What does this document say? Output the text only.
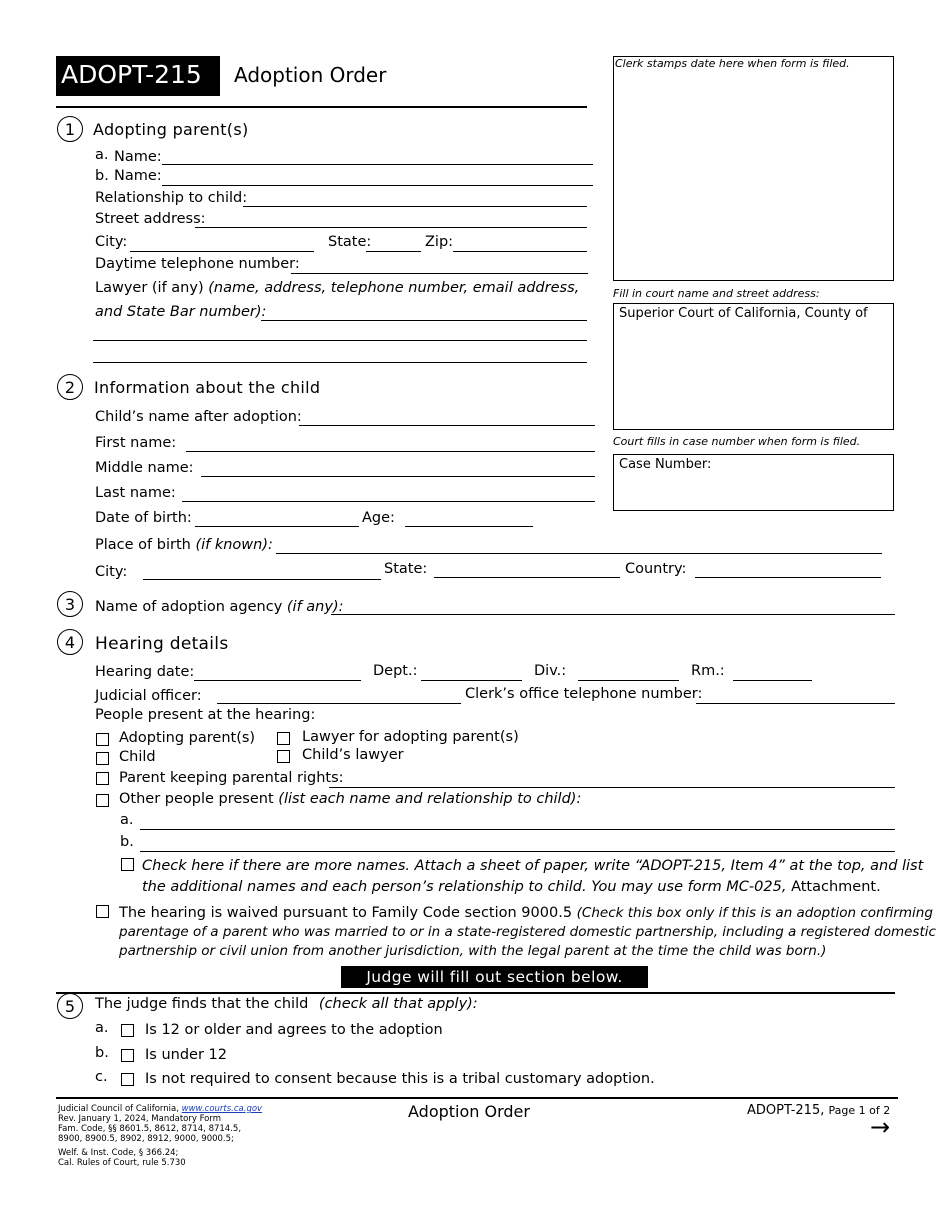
ADOPT-215 Adoption Order	Clerk stamps date here when form is filed.
Fill in court name and street address:
Superior Court of California, County of
Court fills in case number when form is filed.
Case Number:
1	Adopting parent(s)
a. Name:
b. Name:
Relationship to child:
Street address:
City:	State:	Zip:
Daytime telephone number:
Lawyer (if any) (name, address, telephone number, email address,
and State Bar number):
2	Information about the child
Child’s name after adoption:
First name:
Middle name:
Last name:
Date of birth:	Age:
Place of birth (if known):
City:	State:	Country:
3	Name of adoption agency (if any):
4	Hearing details
Hearing date:	Dept.:	Div.:	Rm.:
Judicial officer:	Clerk’s office telephone number:
People present at the hearing:
Adopting parent(s)	Lawyer for adopting parent(s)
Child	Child’s lawyer
Parent keeping parental rights:
Other people present (list each name and relationship to child):
a.
b.
Check here if there are more names. Attach a sheet of paper, write “ADOPT-215, Item 4” at the top, and list
the additional names and each person’s relationship to child. You may use form MC-025, Attachment.
The hearing is waived pursuant to Family Code section 9000.5 (Check this box only if this is an adoption confirming
parentage of a parent who was married to or in a state-registered domestic partnership, including a registered domestic
partnership or civil union from another jurisdiction, with the legal parent at the time the child was born.)
Judge will fill out section below.
5	The judge finds that the child (check all that apply):
a.	Is 12 or older and agrees to the adoption
b. Is under 12
c.	Is not required to consent because this is a tribal customary adoption.
Judicial Council of California, www.courts.ca.gov
Rev. January 1, 2024, Mandatory Form
Fam. Code, §§ 8601.5, 8612, 8714, 8714.5,
8900, 8900.5, 8902, 8912, 9000, 9000.5;
Welf. & Inst. Code, § 366.24;
Cal. Rules of Court, rule 5.730
Adoption Order	ADOPT-215, Page 1 of 2
→
